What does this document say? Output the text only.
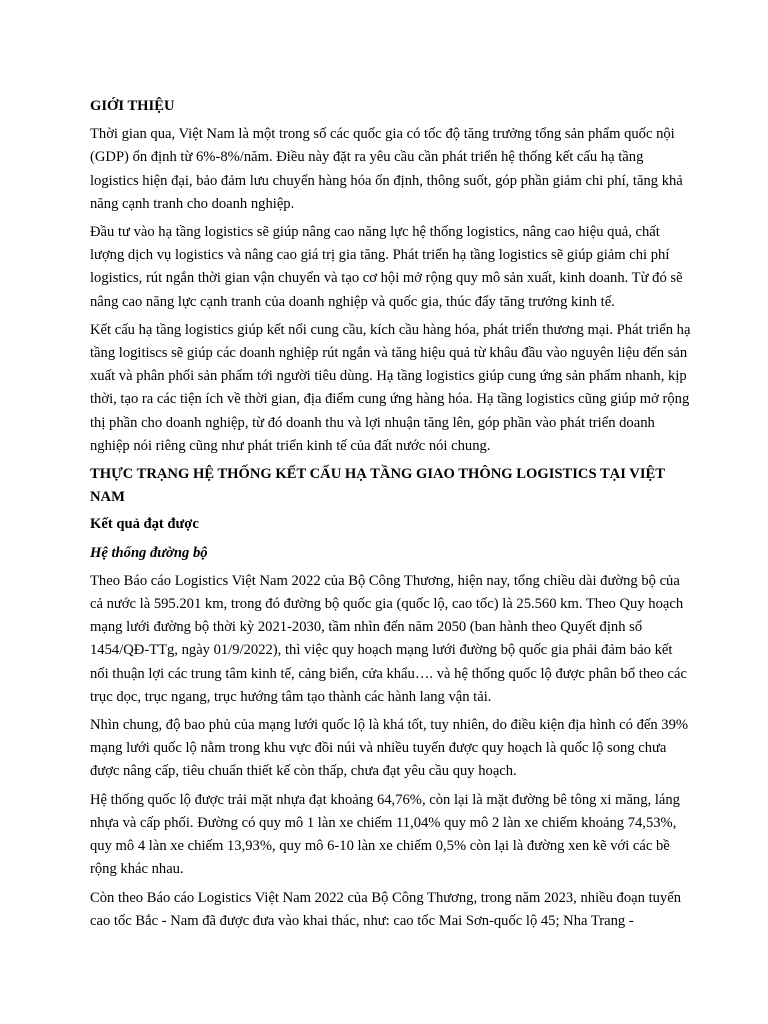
GIỚI THIỆU

Thời gian qua, Việt Nam là một trong số các quốc gia có tốc độ tăng trưởng tổng sản phẩm quốc nội (GDP) ổn định từ 6%-8%/năm. Điều này đặt ra yêu cầu cần phát triển hệ thống kết cấu hạ tầng logistics hiện đại, bảo đảm lưu chuyển hàng hóa ổn định, thông suốt, góp phần giảm chi phí, tăng khả năng cạnh tranh cho doanh nghiệp.

Đầu tư vào hạ tầng logistics sẽ giúp nâng cao năng lực hệ thống logistics, nâng cao hiệu quả, chất lượng dịch vụ logistics và nâng cao giá trị gia tăng. Phát triển hạ tầng logistics sẽ giúp giảm chi phí logistics, rút ngắn thời gian vận chuyển và tạo cơ hội mở rộng quy mô sản xuất, kinh doanh. Từ đó sẽ nâng cao năng lực cạnh tranh của doanh nghiệp và quốc gia, thúc đẩy tăng trưởng kinh tế.

Kết cấu hạ tầng logistics giúp kết nối cung cầu, kích cầu hàng hóa, phát triển thương mại. Phát triển hạ tầng logitiscs sẽ giúp các doanh nghiệp rút ngắn và tăng hiệu quả từ khâu đầu vào nguyên liệu đến sản xuất và phân phối sản phẩm tới người tiêu dùng. Hạ tầng logistics giúp cung ứng sản phẩm nhanh, kịp thời, tạo ra các tiện ích về thời gian, địa điểm cung ứng hàng hóa. Hạ tầng logistics cũng giúp mở rộng thị phần cho doanh nghiệp, từ đó doanh thu và lợi nhuận tăng lên, góp phần vào phát triển doanh nghiệp nói riêng cũng như phát triển kinh tế của đất nước nói chung.

THỰC TRẠNG HỆ THỐNG KẾT CẤU HẠ TẦNG GIAO THÔNG LOGISTICS TẠI VIỆT NAM

Kết quả đạt được

Hệ thống đường bộ

Theo Báo cáo Logistics Việt Nam 2022 của Bộ Công Thương, hiện nay, tổng chiều dài đường bộ của cả nước là 595.201 km, trong đó đường bộ quốc gia (quốc lộ, cao tốc) là 25.560 km. Theo Quy hoạch mạng lưới đường bộ thời kỳ 2021-2030, tầm nhìn đến năm 2050 (ban hành theo Quyết định số 1454/QĐ-TTg, ngày 01/9/2022), thì việc quy hoạch mạng lưới đường bộ quốc gia phải đảm bảo kết nối thuận lợi các trung tâm kinh tế, cảng biển, cửa khẩu…. và hệ thống quốc lộ được phân bổ theo các trục dọc, trục ngang, trục hướng tâm tạo thành các hành lang vận tải.

Nhìn chung, độ bao phủ của mạng lưới quốc lộ là khá tốt, tuy nhiên, do điều kiện địa hình có đến 39% mạng lưới quốc lộ nằm trong khu vực đồi núi và nhiều tuyến được quy hoạch là quốc lộ song chưa được nâng cấp, tiêu chuẩn thiết kế còn thấp, chưa đạt yêu cầu quy hoạch.

Hệ thống quốc lộ được trải mặt nhựa đạt khoảng 64,76%, còn lại là mặt đường bê tông xi măng, láng nhựa và cấp phối. Đường có quy mô 1 làn xe chiếm 11,04% quy mô 2 làn xe chiếm khoảng 74,53%, quy mô 4 làn xe chiếm 13,93%, quy mô 6-10 làn xe chiếm 0,5% còn lại là đường xen kẽ với các bề rộng khác nhau.

Còn theo Báo cáo Logistics Việt Nam 2022 của Bộ Công Thương, trong năm 2023, nhiều đoạn tuyến cao tốc Bắc - Nam đã được đưa vào khai thác, như: cao tốc Mai Sơn-quốc lộ 45; Nha Trang -
